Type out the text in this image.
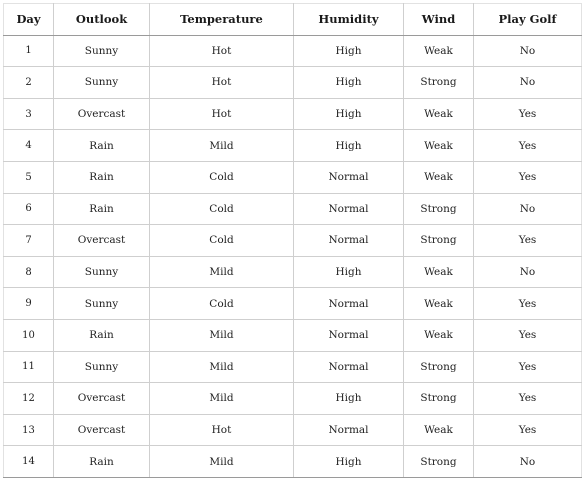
Day	Outlook	Temperature	Humidity	Wind	Play Golf
1	Sunny	Hot	High	Weak	No
2	Sunny	Hot	High	Strong	No
3	Overcast	Hot	High	Weak	Yes
4	Rain	Mild	High	Weak	Yes
5	Rain	Cold	Normal	Weak	Yes
6	Rain	Cold	Normal	Strong	No
7	Overcast	Cold	Normal	Strong	Yes
8	Sunny	Mild	High	Weak	No
9	Sunny	Cold	Normal	Weak	Yes
10	Rain	Mild	Normal	Weak	Yes
11	Sunny	Mild	Normal	Strong	Yes
12	Overcast	Mild	High	Strong	Yes
13	Overcast	Hot	Normal	Weak	Yes
14	Rain	Mild	High	Strong	No
